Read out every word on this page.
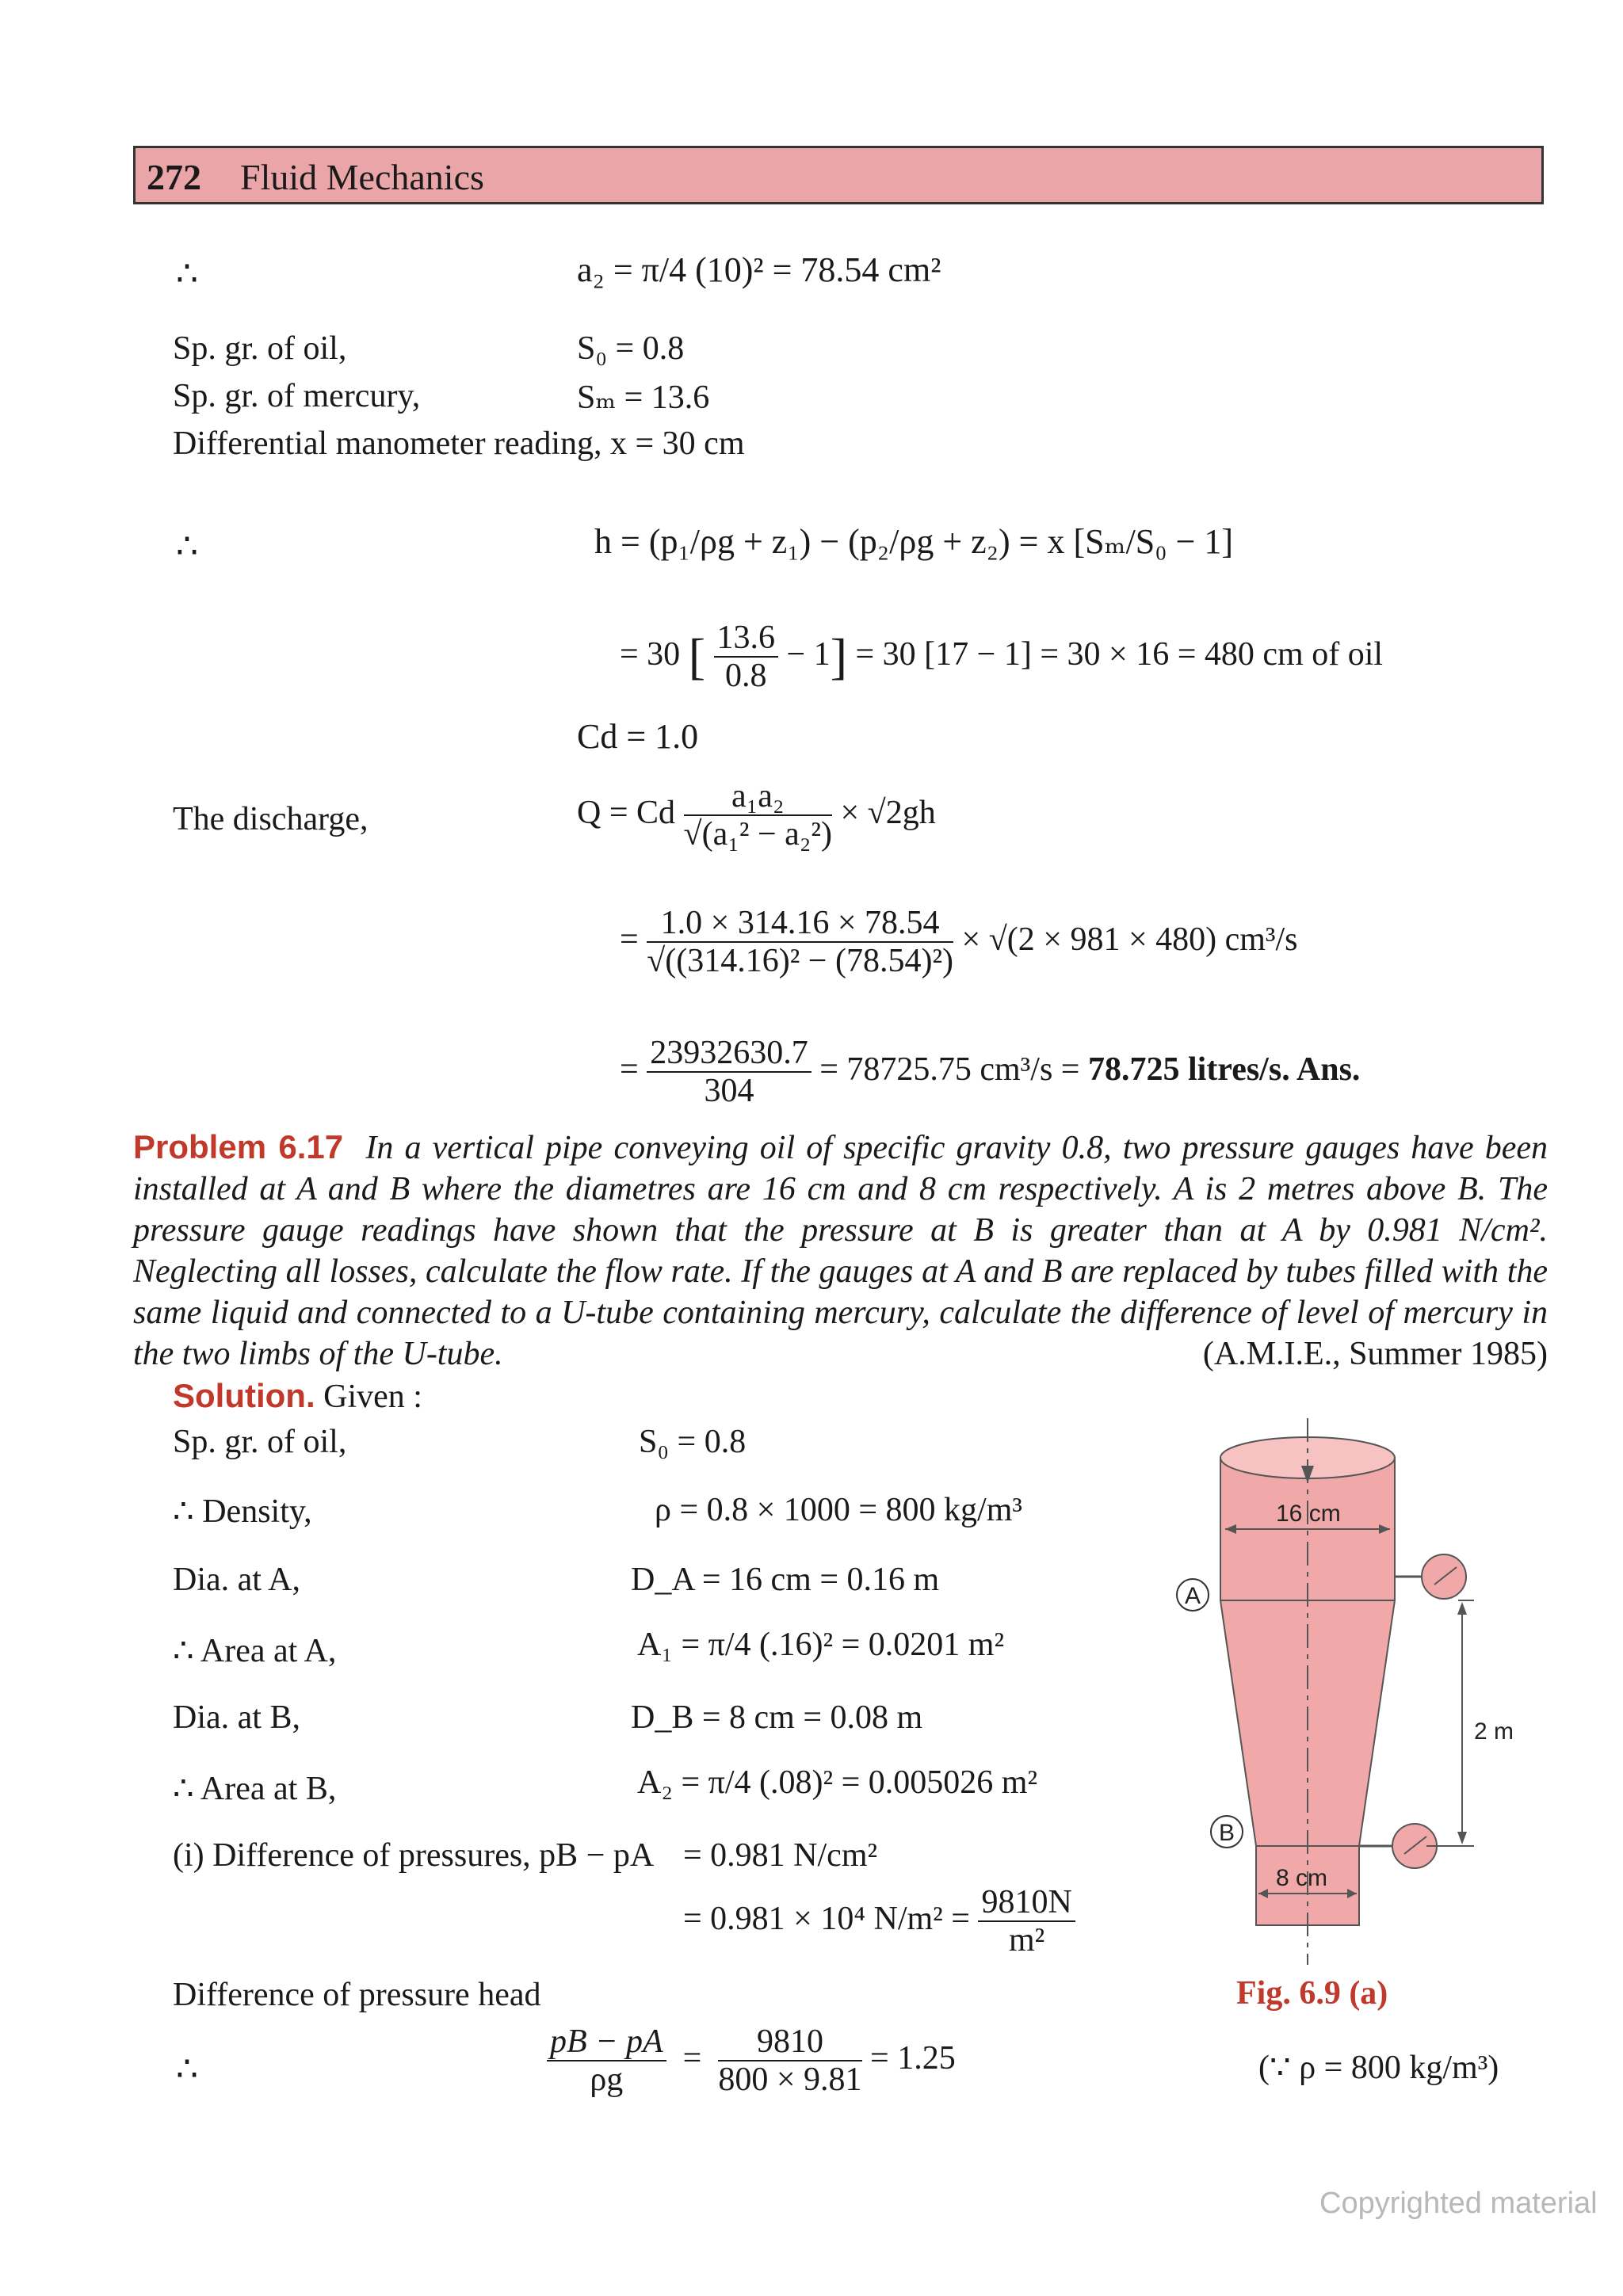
272 Fluid Mechanics
∴	a₂ = π/4 (10)² = 78.54 cm²
Sp. gr. of oil,	S₀ = 0.8
Sp. gr. of mercury,	Sₘ = 13.6
Differential manometer reading, x = 30 cm
∴	h = (p₁/ρg + z₁) − (p₂/ρg + z₂) = x [Sₘ/S₀ − 1]
= 30 [ $\frac{13.6}{0.8} - 1] = 30$ [17 − 1] = 30 × 16 = 480 cm of oil
Cd = 1.0
The discharge,	Q = Cd $\frac{\text{a₁a₂}}{\text{√(a₁² − a₂²)}} \times √2gh$
= $\frac{1.0 \times 314.16 \times 78.54}{\text{√((314.16)² − (78.54)²)}} \times √(2 \times 981 \times 480)$ cm³/s
= $\frac{23932630.7}{304} = 78725.75$ cm³/s = 78.725 litres/s. Ans.
Problem 6.17 In a vertical pipe conveying oil of specific gravity 0.8, two pressure gauges have been installed at A and B where the diametres are 16 cm and 8 cm respectively. A is 2 metres above B. The pressure gauge readings have shown that the pressure at B is greater than at A by 0.981 N/cm². Neglecting all losses, calculate the flow rate. If the gauges at A and B are replaced by tubes filled with the same liquid and connected to a U-tube containing mercury, calculate the difference of level of mercury in the two limbs of the U-tube.	(A.M.I.E., Summer 1985)
Solution. Given :
Sp. gr. of oil,	S₀ = 0.8
∴ Density,	ρ = 0.8 × 1000 = 800 kg/m³
Dia. at A,	D_A = 16 cm = 0.16 m
∴ Area at A,	A₁ = π/4 (.16)² = 0.0201 m²
Dia. at B,	D_B = 8 cm = 0.08 m
∴ Area at B,	A₂ = π/4 (.08)² = 0.005026 m²
(i) Difference of pressures, pB − pA = 0.981 N/cm²
= 0.981 × 10⁴ $N/m^2 = \frac{9810N}{\text{m²}}$
Difference of pressure head
∴	$\frac{pB - pA}{\rho g} = \frac{9810}{800 \times 9.81} = 1.25$	(∵ ρ = 800 kg/m³)
16 cm
A
B
8 cm
2 m
Fig. 6.9 (a)
Copyrighted material
